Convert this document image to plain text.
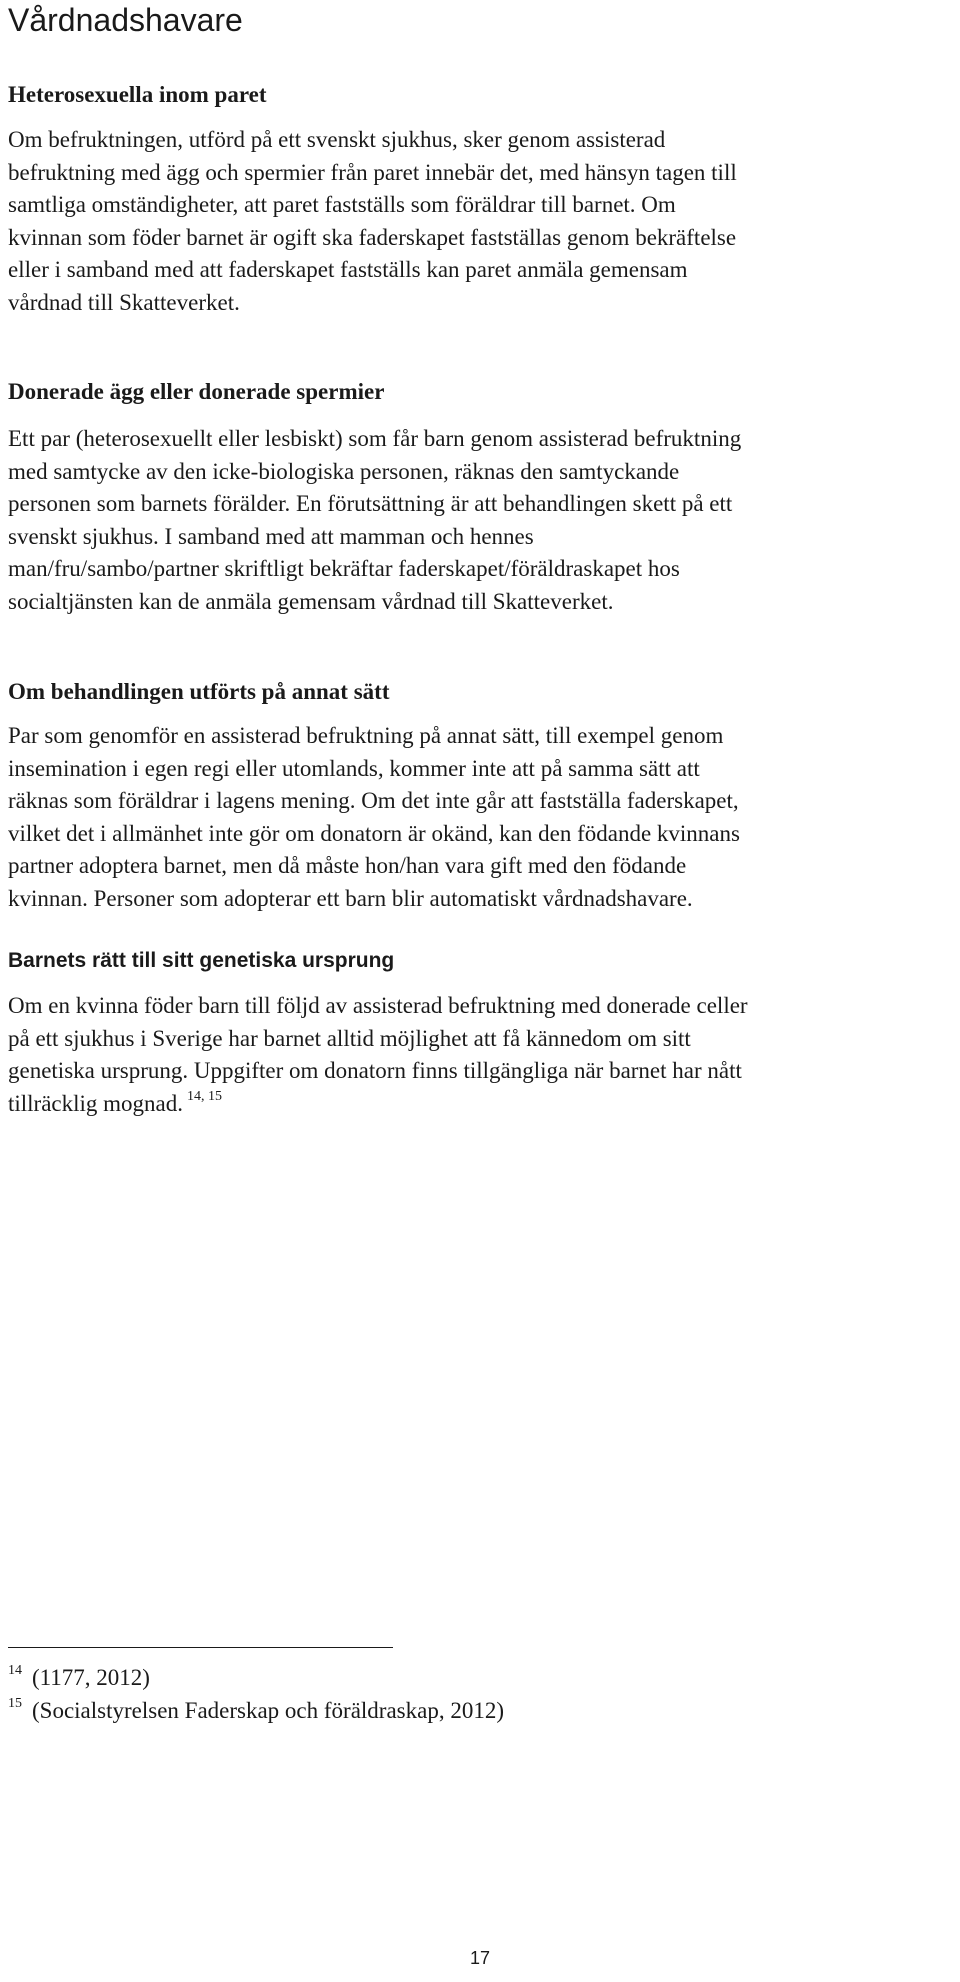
Vårdnadshavare
Heterosexuella inom paret

Om befruktningen, utförd på ett svenskt sjukhus, sker genom assisterad
befruktning med ägg och spermier från paret innebär det, med hänsyn tagen till
samtliga omständigheter, att paret fastställs som föräldrar till barnet. Om
kvinnan som föder barnet är ogift ska faderskapet fastställas genom bekräftelse
eller i samband med att faderskapet fastställs kan paret anmäla gemensam
vårdnad till Skatteverket.

Donerade ägg eller donerade spermier

Ett par (heterosexuellt eller lesbiskt) som får barn genom assisterad befruktning
med samtycke av den icke-biologiska personen, räknas den samtyckande
personen som barnets förälder. En förutsättning är att behandlingen skett på ett
svenskt sjukhus. I samband med att mamman och hennes
man/fru/sambo/partner skriftligt bekräftar faderskapet/föräldraskapet hos
socialtjänsten kan de anmäla gemensam vårdnad till Skatteverket.

Om behandlingen utförts på annat sätt

Par som genomför en assisterad befruktning på annat sätt, till exempel genom
insemination i egen regi eller utomlands, kommer inte att på samma sätt att
räknas som föräldrar i lagens mening. Om det inte går att fastställa faderskapet,
vilket det i allmänhet inte gör om donatorn är okänd, kan den födande kvinnans
partner adoptera barnet, men då måste hon/han vara gift med den födande
kvinnan. Personer som adopterar ett barn blir automatiskt vårdnadshavare.

Barnets rätt till sitt genetiska ursprung

Om en kvinna föder barn till följd av assisterad befruktning med donerade celler
på ett sjukhus i Sverige har barnet alltid möjlighet att få kännedom om sitt
genetiska ursprung. Uppgifter om donatorn finns tillgängliga när barnet har nått
tillräcklig mognad. $^{14, 15}$

$^{14}$ (1177, 2012)

$^{15}$ (Socialstyrelsen Faderskap och föräldraskap, 2012)

17
